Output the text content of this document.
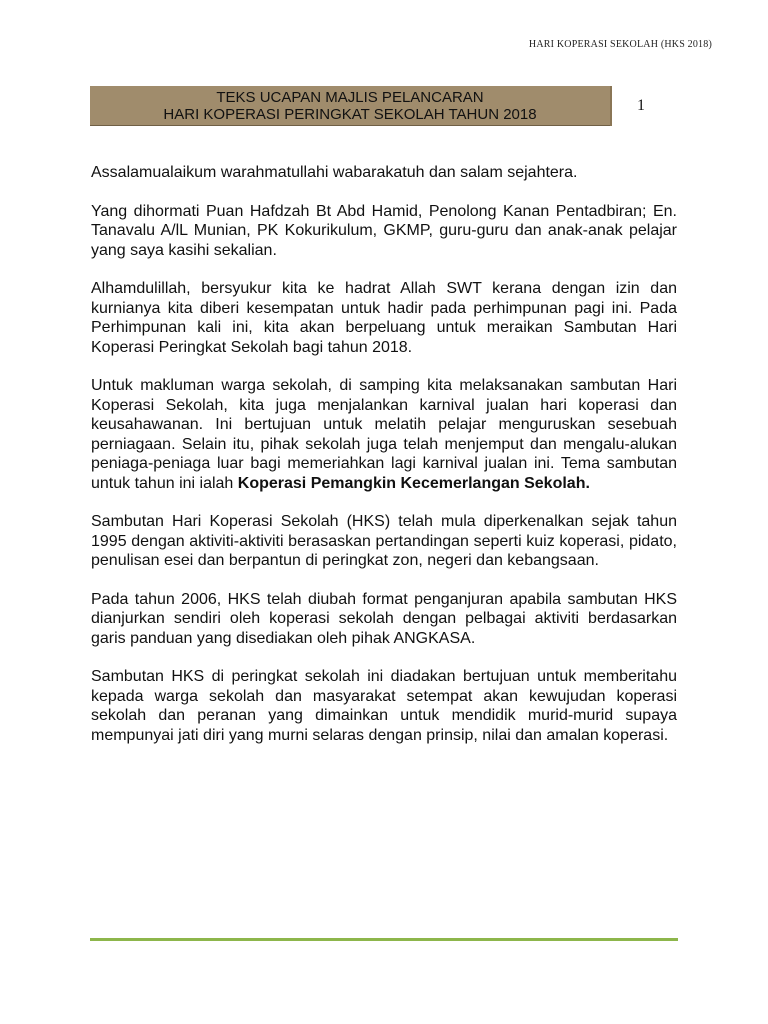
HARI KOPERASI SEKOLAH (HKS 2018)
TEKS UCAPAN MAJLIS PELANCARAN
HARI KOPERASI PERINGKAT SEKOLAH TAHUN 2018	1

Assalamualaikum warahmatullahi wabarakatuh dan salam sejahtera.

Yang dihormati Puan Hafdzah Bt Abd Hamid, Penolong Kanan Pentadbiran; En. Tanavalu A/lL Munian, PK Kokurikulum, GKMP, guru-guru dan anak-anak pelajar yang saya kasihi sekalian.

Alhamdulillah, bersyukur kita ke hadrat Allah SWT kerana dengan izin dan kurnianya kita diberi kesempatan untuk hadir pada perhimpunan pagi ini. Pada Perhimpunan kali ini, kita akan berpeluang untuk meraikan Sambutan Hari Koperasi Peringkat Sekolah bagi tahun 2018.

Untuk makluman warga sekolah, di samping kita melaksanakan sambutan Hari Koperasi Sekolah, kita juga menjalankan karnival jualan hari koperasi dan keusahawanan. Ini bertujuan untuk melatih pelajar menguruskan sesebuah perniagaan. Selain itu, pihak sekolah juga telah menjemput dan mengalu-alukan peniaga-peniaga luar bagi memeriahkan lagi karnival jualan ini. Tema sambutan untuk tahun ini ialah Koperasi Pemangkin Kecemerlangan Sekolah.

Sambutan Hari Koperasi Sekolah (HKS) telah mula diperkenalkan sejak tahun 1995 dengan aktiviti-aktiviti berasaskan pertandingan seperti kuiz koperasi, pidato, penulisan esei dan berpantun di peringkat zon, negeri dan kebangsaan.

Pada tahun 2006, HKS telah diubah format penganjuran apabila sambutan HKS dianjurkan sendiri oleh koperasi sekolah dengan pelbagai aktiviti berdasarkan garis panduan yang disediakan oleh pihak ANGKASA.

Sambutan HKS di peringkat sekolah ini diadakan bertujuan untuk memberitahu kepada warga sekolah dan masyarakat setempat akan kewujudan koperasi sekolah dan peranan yang dimainkan untuk mendidik murid-murid supaya mempunyai jati diri yang murni selaras dengan prinsip, nilai dan amalan koperasi.
